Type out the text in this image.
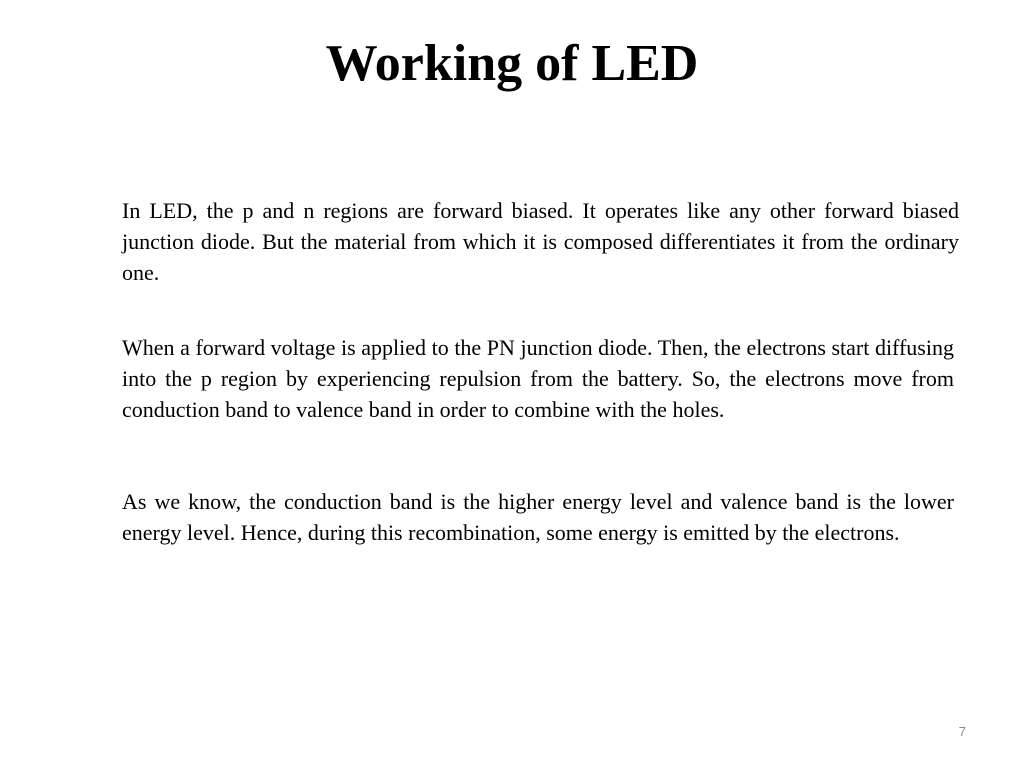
Working of LED

In LED, the p and n regions are forward biased. It operates like any other forward biased junction diode. But the material from which it is composed differentiates it from the ordinary one.

When a forward voltage is applied to the PN junction diode. Then, the electrons start diffusing into the p region by experiencing repulsion from the battery. So, the electrons move from conduction band to valence band in order to combine with the holes.

As we know, the conduction band is the higher energy level and valence band is the lower energy level. Hence, during this recombination, some energy is emitted by the electrons.

7
